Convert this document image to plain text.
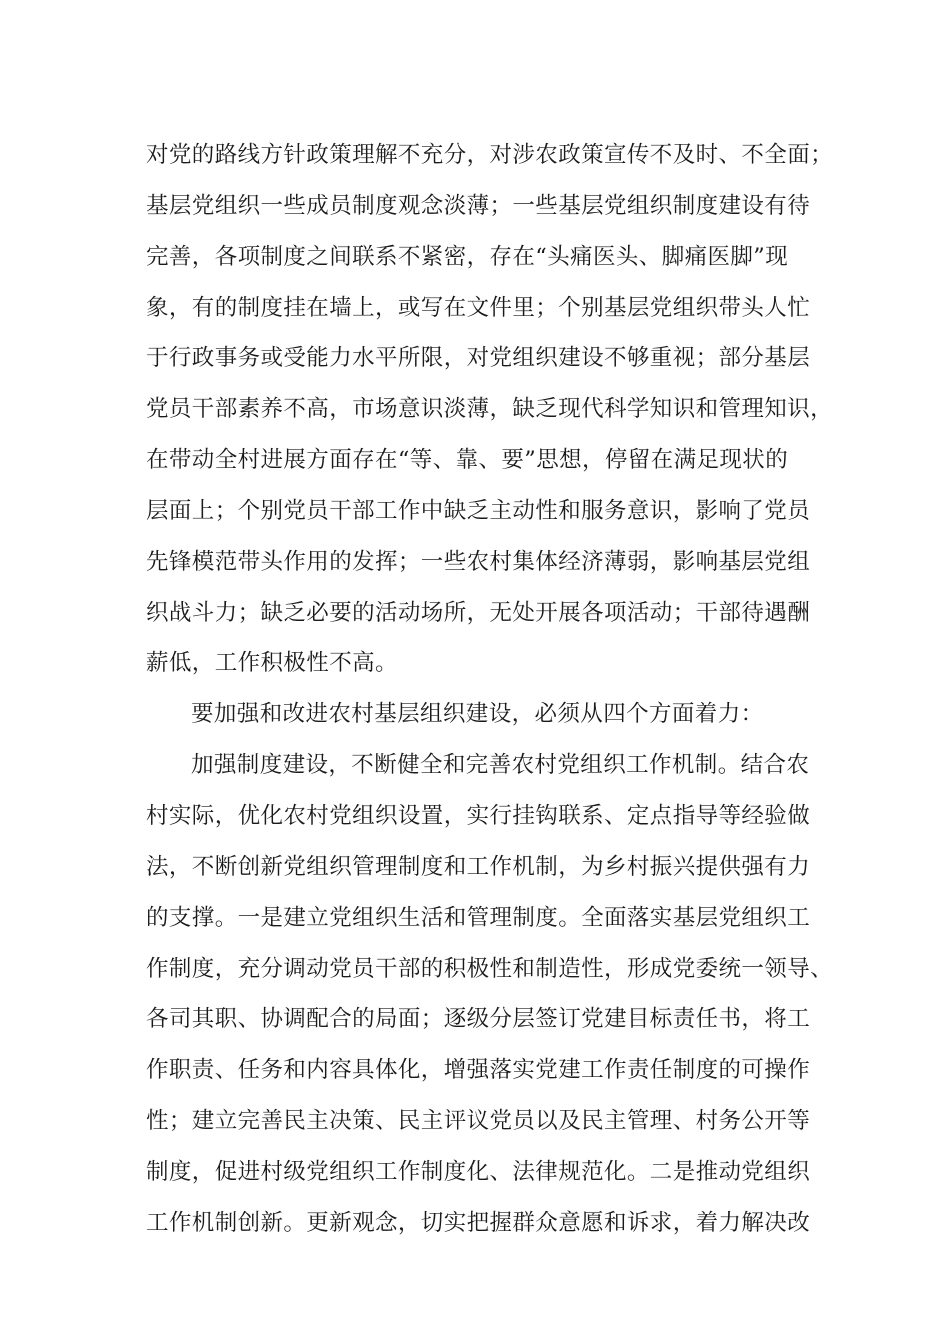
对党的路线方针政策理解不充分，对涉农政策宣传不及时、不全面；
基层党组织一些成员制度观念淡薄；一些基层党组织制度建设有待
完善，各项制度之间联系不紧密，存在“头痛医头、脚痛医脚”现
象，有的制度挂在墙上，或写在文件里；个别基层党组织带头人忙
于行政事务或受能力水平所限，对党组织建设不够重视；部分基层
党员干部素养不高，市场意识淡薄，缺乏现代科学知识和管理知识，
在带动全村进展方面存在“等、靠、要”思想，停留在满足现状的
层面上；个别党员干部工作中缺乏主动性和服务意识，影响了党员
先锋模范带头作用的发挥；一些农村集体经济薄弱，影响基层党组
织战斗力；缺乏必要的活动场所，无处开展各项活动；干部待遇酬
薪低，工作积极性不高。
要加强和改进农村基层组织建设，必须从四个方面着力：
加强制度建设，不断健全和完善农村党组织工作机制。结合农
村实际，优化农村党组织设置，实行挂钩联系、定点指导等经验做
法，不断创新党组织管理制度和工作机制，为乡村振兴提供强有力
的支撑。一是建立党组织生活和管理制度。全面落实基层党组织工
作制度，充分调动党员干部的积极性和制造性，形成党委统一领导、
各司其职、协调配合的局面；逐级分层签订党建目标责任书，将工
作职责、任务和内容具体化，增强落实党建工作责任制度的可操作
性；建立完善民主决策、民主评议党员以及民主管理、村务公开等
制度，促进村级党组织工作制度化、法律规范化。二是推动党组织
工作机制创新。更新观念，切实把握群众意愿和诉求，着力解决改
